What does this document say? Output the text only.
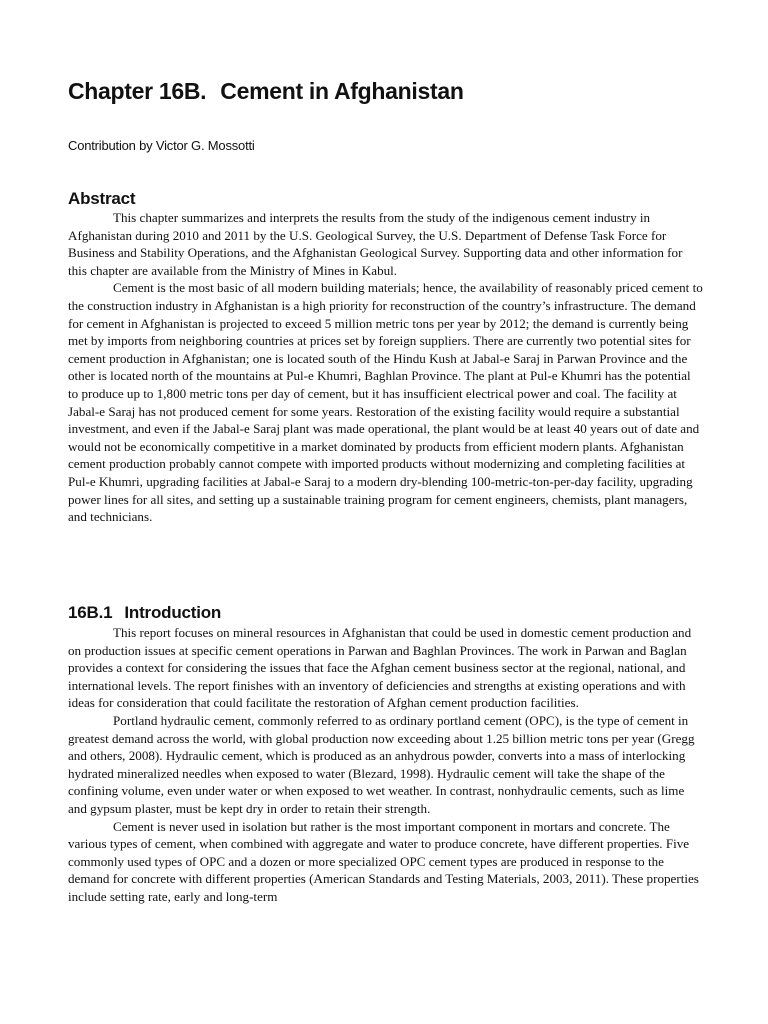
Chapter 16B. Cement in Afghanistan

Contribution by Victor G. Mossotti

Abstract

This chapter summarizes and interprets the results from the study of the indigenous cement industry in Afghanistan during 2010 and 2011 by the U.S. Geological Survey, the U.S. Department of Defense Task Force for Business and Stability Operations, and the Afghanistan Geological Survey. Supporting data and other information for this chapter are available from the Ministry of Mines in Kabul.

Cement is the most basic of all modern building materials; hence, the availability of reasonably priced cement to the construction industry in Afghanistan is a high priority for reconstruction of the country’s infrastructure. The demand for cement in Afghanistan is projected to exceed 5 million metric tons per year by 2012; the demand is currently being met by imports from neighboring countries at prices set by foreign suppliers. There are currently two potential sites for cement production in Afghanistan; one is located south of the Hindu Kush at Jabal-e Saraj in Parwan Province and the other is located north of the mountains at Pul-e Khumri, Baghlan Province. The plant at Pul-e Khumri has the potential to produce up to 1,800 metric tons per day of cement, but it has insufficient electrical power and coal. The facility at Jabal-e Saraj has not produced cement for some years. Restoration of the existing facility would require a substantial investment, and even if the Jabal-e Saraj plant was made operational, the plant would be at least 40 years out of date and would not be economically competitive in a market dominated by products from efficient modern plants. Afghanistan cement production probably cannot compete with imported products without modernizing and completing facilities at Pul-e Khumri, upgrading facilities at Jabal-e Saraj to a modern dry-blending 100-metric-ton-per-day facility, upgrading power lines for all sites, and setting up a sustainable training program for cement engineers, chemists, plant managers, and technicians.

16B.1 Introduction

This report focuses on mineral resources in Afghanistan that could be used in domestic cement production and on production issues at specific cement operations in Parwan and Baghlan Provinces. The work in Parwan and Baglan provides a context for considering the issues that face the Afghan cement business sector at the regional, national, and international levels. The report finishes with an inventory of deficiencies and strengths at existing operations and with ideas for consideration that could facilitate the restoration of Afghan cement production facilities.

Portland hydraulic cement, commonly referred to as ordinary portland cement (OPC), is the type of cement in greatest demand across the world, with global production now exceeding about 1.25 billion metric tons per year (Gregg and others, 2008). Hydraulic cement, which is produced as an anhydrous powder, converts into a mass of interlocking hydrated mineralized needles when exposed to water (Blezard, 1998). Hydraulic cement will take the shape of the confining volume, even under water or when exposed to wet weather. In contrast, nonhydraulic cements, such as lime and gypsum plaster, must be kept dry in order to retain their strength.

Cement is never used in isolation but rather is the most important component in mortars and concrete. The various types of cement, when combined with aggregate and water to produce concrete, have different properties. Five commonly used types of OPC and a dozen or more specialized OPC cement types are produced in response to the demand for concrete with different properties (American Standards and Testing Materials, 2003, 2011). These properties include setting rate, early and long-term
